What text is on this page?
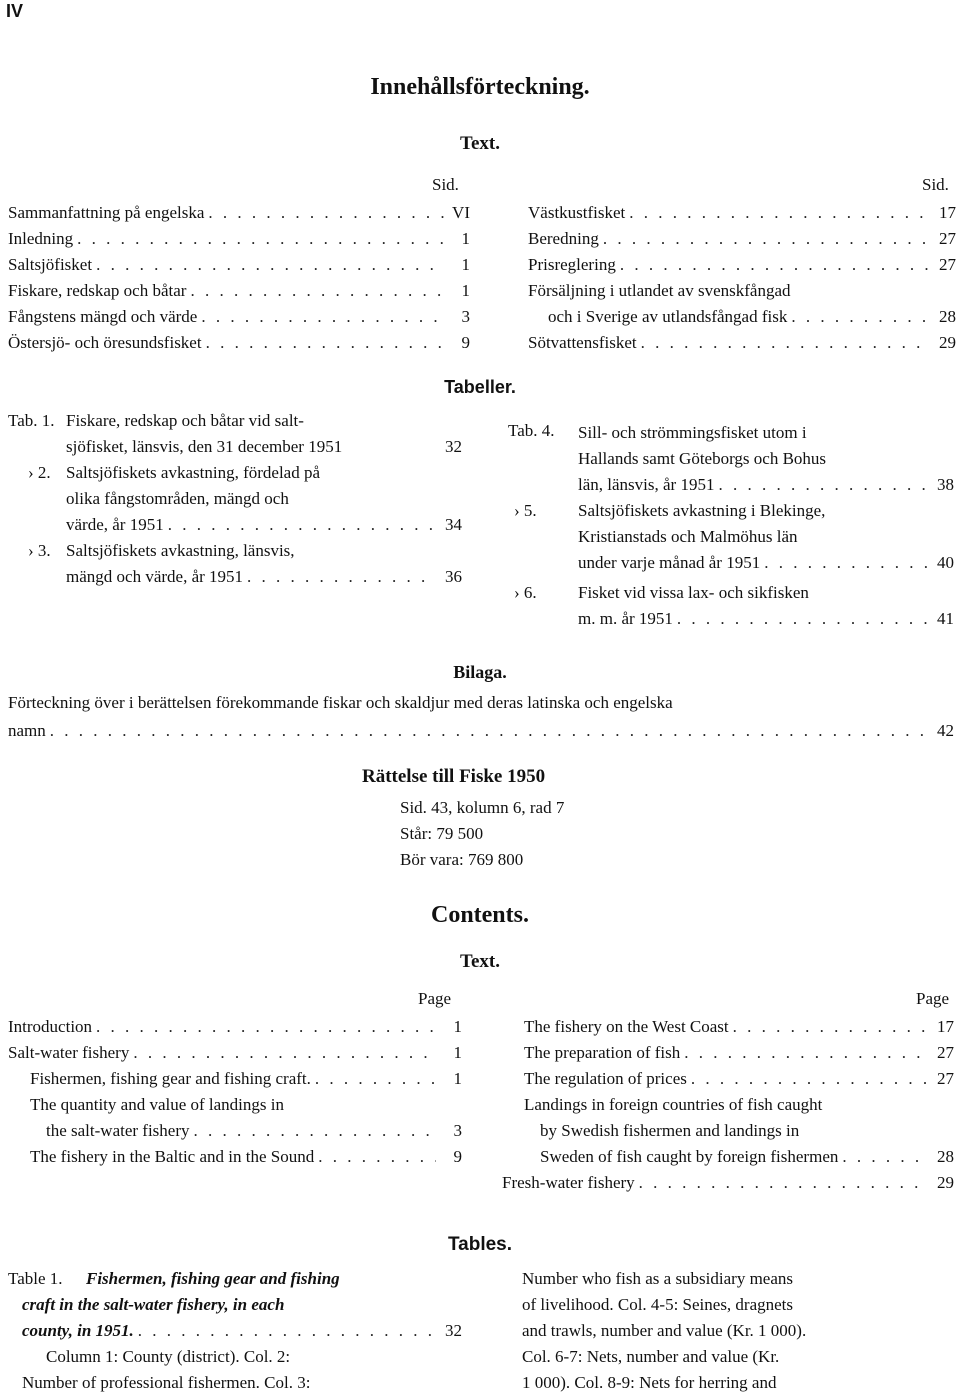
IV
Innehållsförteckning.
Text.
Sid.	Sid.
Sammanfattning på engelska . . .	VI
Inledning . . .	1
Saltsjöfisket . . .	1
Fiskare, redskap och båtar . . .	1
Fångstens mängd och värde . . .	3
Östersjö- och öresundsfisket . . .	9
Västkustfisket . . .	17
Beredning . . .	27
Prisreglering . . .	27
Försäljning i utlandet av svenskfångad
och i Sverige av utlandsfångad fisk . . .	28
Sötvattensfisket . . .	29
Tabeller.
Tab. 1. Fiskare, redskap och båtar vid salt-
sjöfisket, länsvis, den 31 december 1951	32
› 2. Saltsjöfiskets avkastning, fördelad på
olika fångstområden, mängd och
värde, år 1951 . . .	34
› 3. Saltsjöfiskets avkastning, länsvis,
mängd och värde, år 1951 . . .	36
Tab. 4. Sill- och strömmingsfisket utom i
Hallands samt Göteborgs och Bohus
län, länsvis, år 1951 . . .	38
› 5. Saltsjöfiskets avkastning i Blekinge,
Kristianstads och Malmöhus län
under varje månad år 1951 . . .	40
› 6. Fisket vid vissa lax- och sikfisken
m. m. år 1951 . . .	41
Bilaga.
Förteckning över i berättelsen förekommande fiskar och skaldjur med deras latinska och engelska
namn . . .	42
Rättelse till Fiske 1950
Sid. 43, kolumn 6, rad 7
Står: 79 500
Bör vara: 769 800
Contents.
Text.
Page	Page
Introduction . . .	1
Salt-water fishery . . .	1
Fishermen, fishing gear and fishing craft. . . .	1
The quantity and value of landings in
the salt-water fishery . . .	3
The fishery in the Baltic and in the Sound . . .	9
The fishery on the West Coast . . .	17
The preparation of fish . . .	27
The regulation of prices . . .	27
Landings in foreign countries of fish caught
by Swedish fishermen and landings in
Sweden of fish caught by foreign fishermen . . .	28
Fresh-water fishery . . .	29
Tables.
Table 1. Fishermen, fishing gear and fishing
craft in the salt-water fishery, in each
county, in 1951. . . .	32
Column 1: County (district). Col. 2:
Number of professional fishermen. Col. 3:
Number who fish as a subsidiary means
of livelihood. Col. 4-5: Seines, dragnets
and trawls, number and value (Kr. 1 000).
Col. 6-7: Nets, number and value (Kr.
1 000). Col. 8-9: Nets for herring and
